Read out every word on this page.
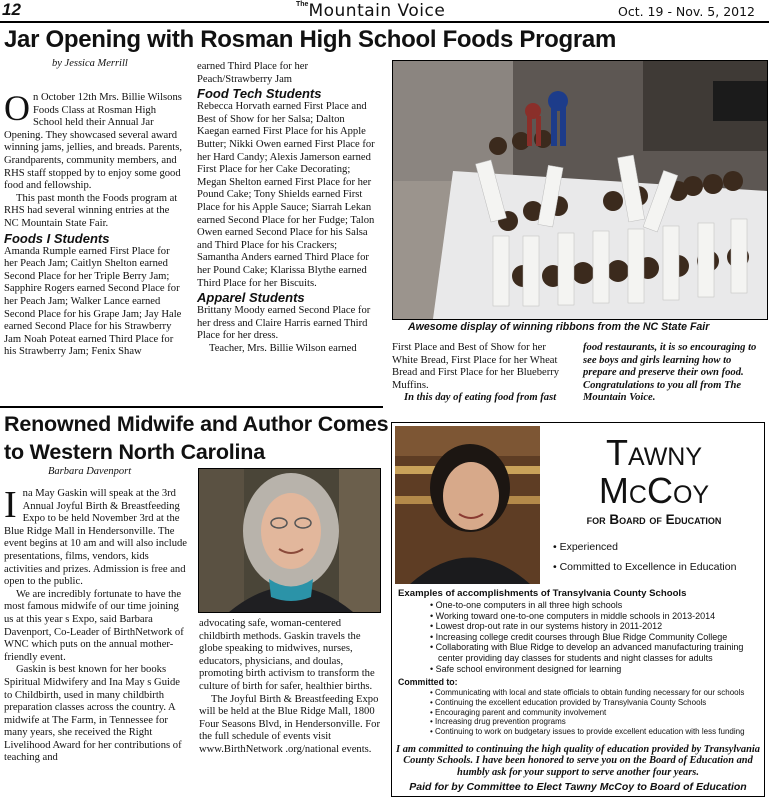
12	$^{The}$Mountain Voice	Oct. 19 - Nov. 5, 2012
Jar Opening with Rosman High School Foods Program
by Jessica Merrill
O n October 12th Mrs. Billie Wilsons Foods Class at Rosman High School held their Annual Jar Opening. They showcased several award winning jams, jellies, and breads. Parents, Grandparents, community members, and RHS staff stopped by to enjoy some good food and fellowship.

This past month the Foods program at RHS had several winning entries at the NC Mountain State Fair.

Foods I Students

Amanda Rumple earned First Place for her Peach Jam; Caitlyn Shelton earned Second Place for her Triple Berry Jam; Sapphire Rogers earned Second Place for her Peach Jam; Walker Lance earned Second Place for his Grape Jam; Jay Hale earned Second Place for his Strawberry Jam Noah Poteat earned Third Place for his Strawberry Jam; Fenix Shaw

earned Third Place for her Peach/Strawberry Jam

Food Tech Students

Rebecca Horvath earned First Place and Best of Show for her Salsa; Dalton Kaegan earned First Place for his Apple Butter; Nikki Owen earned First Place for her Hard Candy; Alexis Jamerson earned First Place for her Cake Decorating; Megan Shelton earned First Place for her Pound Cake; Tony Shields earned First Place for his Apple Sauce; Siarrah Lekan earned Second Place for her Fudge; Talon Owen earned Second Place for his Salsa and Third Place for his Crackers; Samantha Anders earned Third Place for her Pound Cake; Klarissa Blythe earned Third Place for her Biscuits.

Apparel Students

Brittany Moody earned Second Place for her dress and Claire Harris earned Third Place for her dress.

Teacher, Mrs. Billie Wilson earned

Awesome display of winning ribbons from the NC State Fair

First Place and Best of Show for her White Bread, First Place for her Wheat Bread and First Place for her Blueberry Muffins.

In this day of eating food from fast

food restaurants, it is so encouraging to see boys and girls learning how to prepare and preserve their own food. Congratulations to you all from The Mountain Voice.

Renowned Midwife and Author Comes
to Western North Carolina
Barbara Davenport
I na May Gaskin will speak at the 3rd Annual Joyful Birth & Breastfeeding Expo to be held November 3rd at the Blue Ridge Mall in Hendersonville. The event begins at 10 am and will also include presentations, films, vendors, kids activities and prizes. Admission is free and open to the public.

We are incredibly fortunate to have the most famous midwife of our time joining us at this year s Expo, said Barbara Davenport, Co-Leader of BirthNetwork of WNC which puts on the annual mother-friendly event.

Gaskin is best known for her books Spiritual Midwifery and Ina May s Guide to Childbirth, used in many childbirth preparation classes across the country. A midwife at The Farm, in Tennessee for many years, she received the Right Livelihood Award for her contributions of teaching and

advocating safe, woman-centered childbirth methods. Gaskin travels the globe speaking to midwives, nurses, educators, physicians, and doulas, promoting birth activism to transform the culture of birth for safer, healthier births.

The Joyful Birth & Breastfeeding Expo will be held at the Blue Ridge Mall, 1800 Four Seasons Blvd, in Hendersonville. For the full schedule of events visit www.BirthNetwork .org/national events.

Tawny
McCoy
for Board of Education
• Experienced
• Committed to Excellence in Education
Examples of accomplishments of Transylvania County Schools
• One-to-one computers in all three high schools
• Working toward one-to-one computers in middle schools in 2013-2014
• Lowest drop-out rate in our systems history in 2011-2012
• Increasing college credit courses through Blue Ridge Community College
• Collaborating with Blue Ridge to develop an advanced manufacturing training center providing day classes for students and night classes for adults
• Safe school environment designed for learning
Committed to:
• Communicating with local and state officials to obtain funding necessary for our schools
• Continuing the excellent education provided by Transylvania County Schools
• Encouraging parent and community involvement
• Increasing drug prevention programs
• Continuing to work on budgetary issues to provide excellent education with less funding
I am committed to continuing the high quality of education provided by Transylvania County Schools. I have been honored to serve you on the Board of Education and humbly ask for your support to serve another four years.
Paid for by Committee to Elect Tawny McCoy to Board of Education
